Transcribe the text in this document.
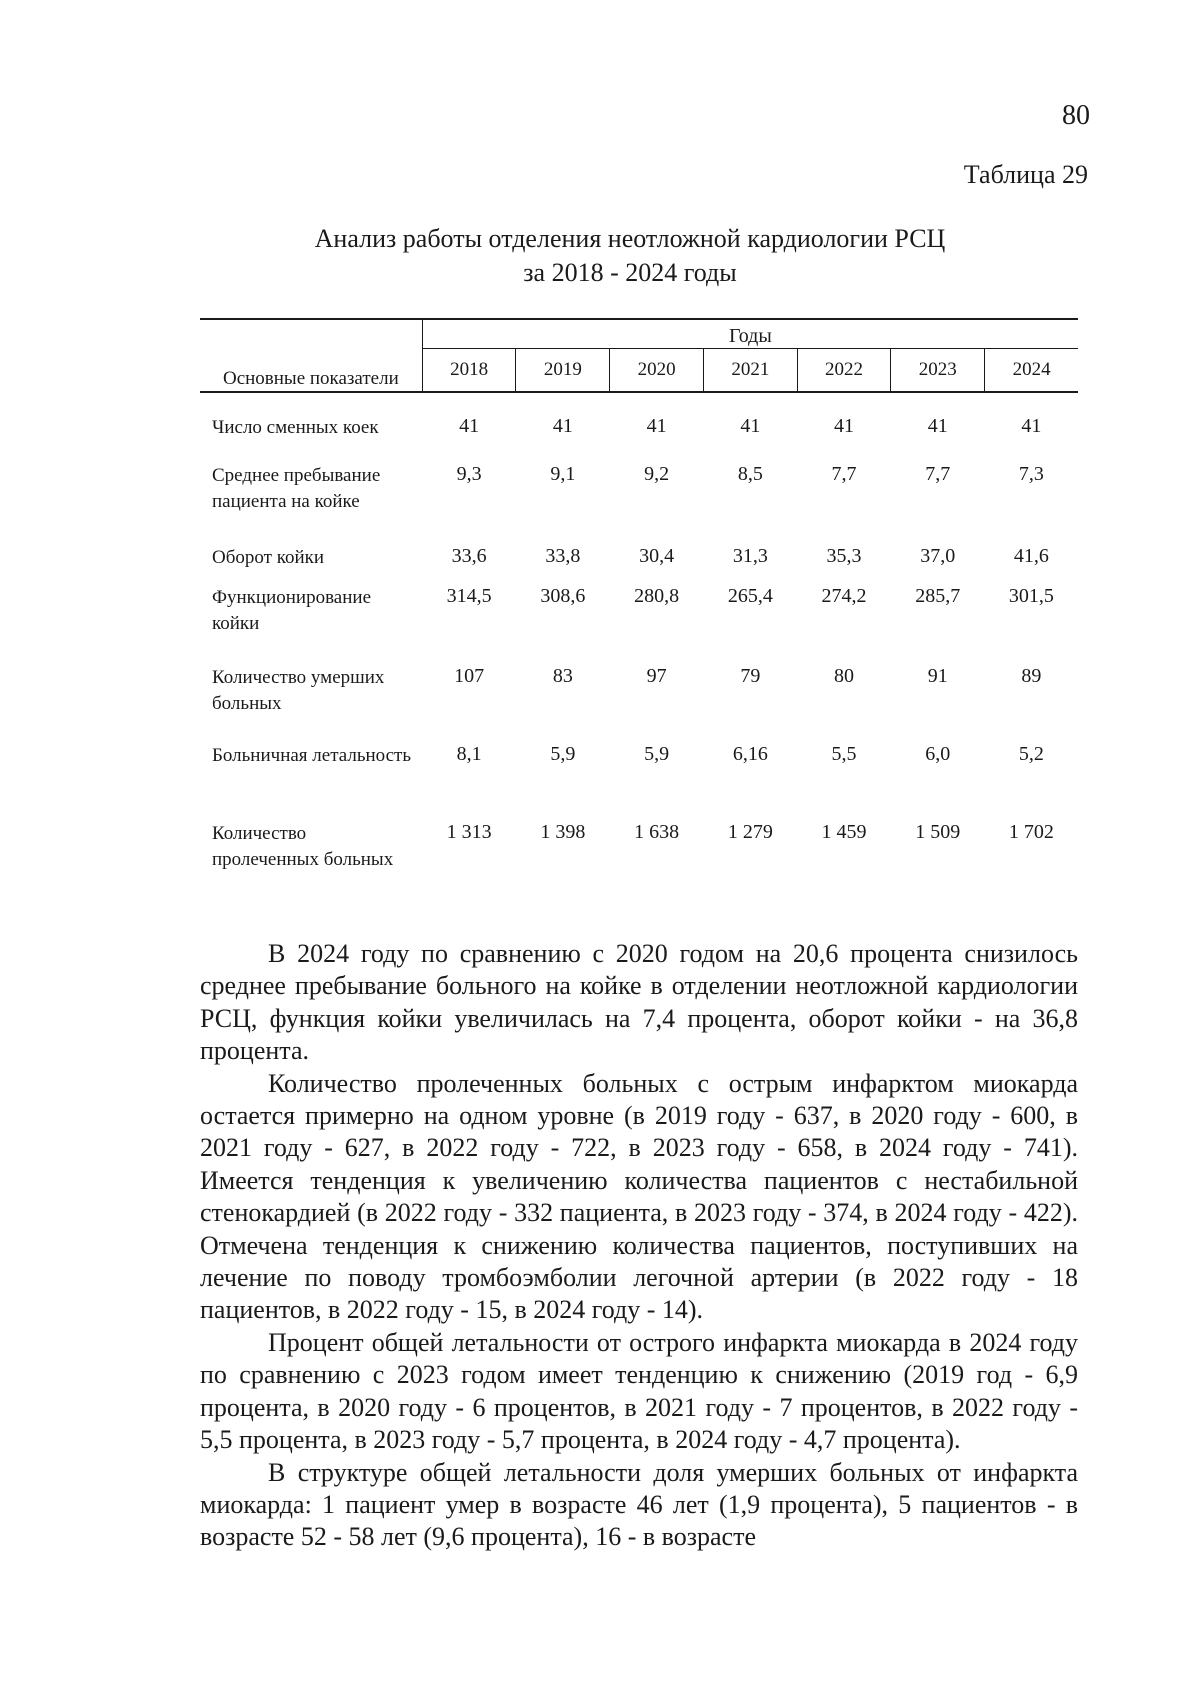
80
Таблица 29
Анализ работы отделения неотложной кардиологии РСЦ
за 2018 - 2024 годы
Основные показатели	Годы						
	2018	2019	2020	2021	2022	2023	2024

Число сменных коек	41	41	41	41	41	41	41
Среднее пребывание пациента на койке	9,3	9,1	9,2	8,5	7,7	7,7	7,3
Оборот койки	33,6	33,8	30,4	31,3	35,3	37,0	41,6
Функционирование койки	314,5	308,6	280,8	265,4	274,2	285,7	301,5
Количество умерших больных	107	83	97	79	80	91	89
Больничная летальность	8,1	5,9	5,9	6,16	5,5	6,0	5,2
Количество пролеченных больных	1 313	1 398	1 638	1 279	1 459	1 509	1 702

В 2024 году по сравнению с 2020 годом на 20,6 процента снизилось среднее пребывание больного на койке в отделении неотложной кардиологии РСЦ, функция койки увеличилась на 7,4 процента, оборот койки - на 36,8 процента.

Количество пролеченных больных с острым инфарктом миокарда остается примерно на одном уровне (в 2019 году - 637, в 2020 году - 600, в 2021 году - 627, в 2022 году - 722, в 2023 году - 658, в 2024 году - 741). Имеется тенденция к увеличению количества пациентов с нестабильной стенокардией (в 2022 году - 332 пациента, в 2023 году - 374, в 2024 году - 422). Отмечена тенденция к снижению количества пациентов, поступивших на лечение по поводу тромбоэмболии легочной артерии (в 2022 году - 18 пациентов, в 2022 году - 15, в 2024 году - 14).

Процент общей летальности от острого инфаркта миокарда в 2024 году по сравнению с 2023 годом имеет тенденцию к снижению (2019 год - 6,9 процента, в 2020 году - 6 процентов, в 2021 году - 7 процентов, в 2022 году - 5,5 процента, в 2023 году - 5,7 процента, в 2024 году - 4,7 процента).

В структуре общей летальности доля умерших больных от инфаркта миокарда: 1 пациент умер в возрасте 46 лет (1,9 процента), 5 пациентов - в возрасте 52 - 58 лет (9,6 процента), 16 - в возрасте
